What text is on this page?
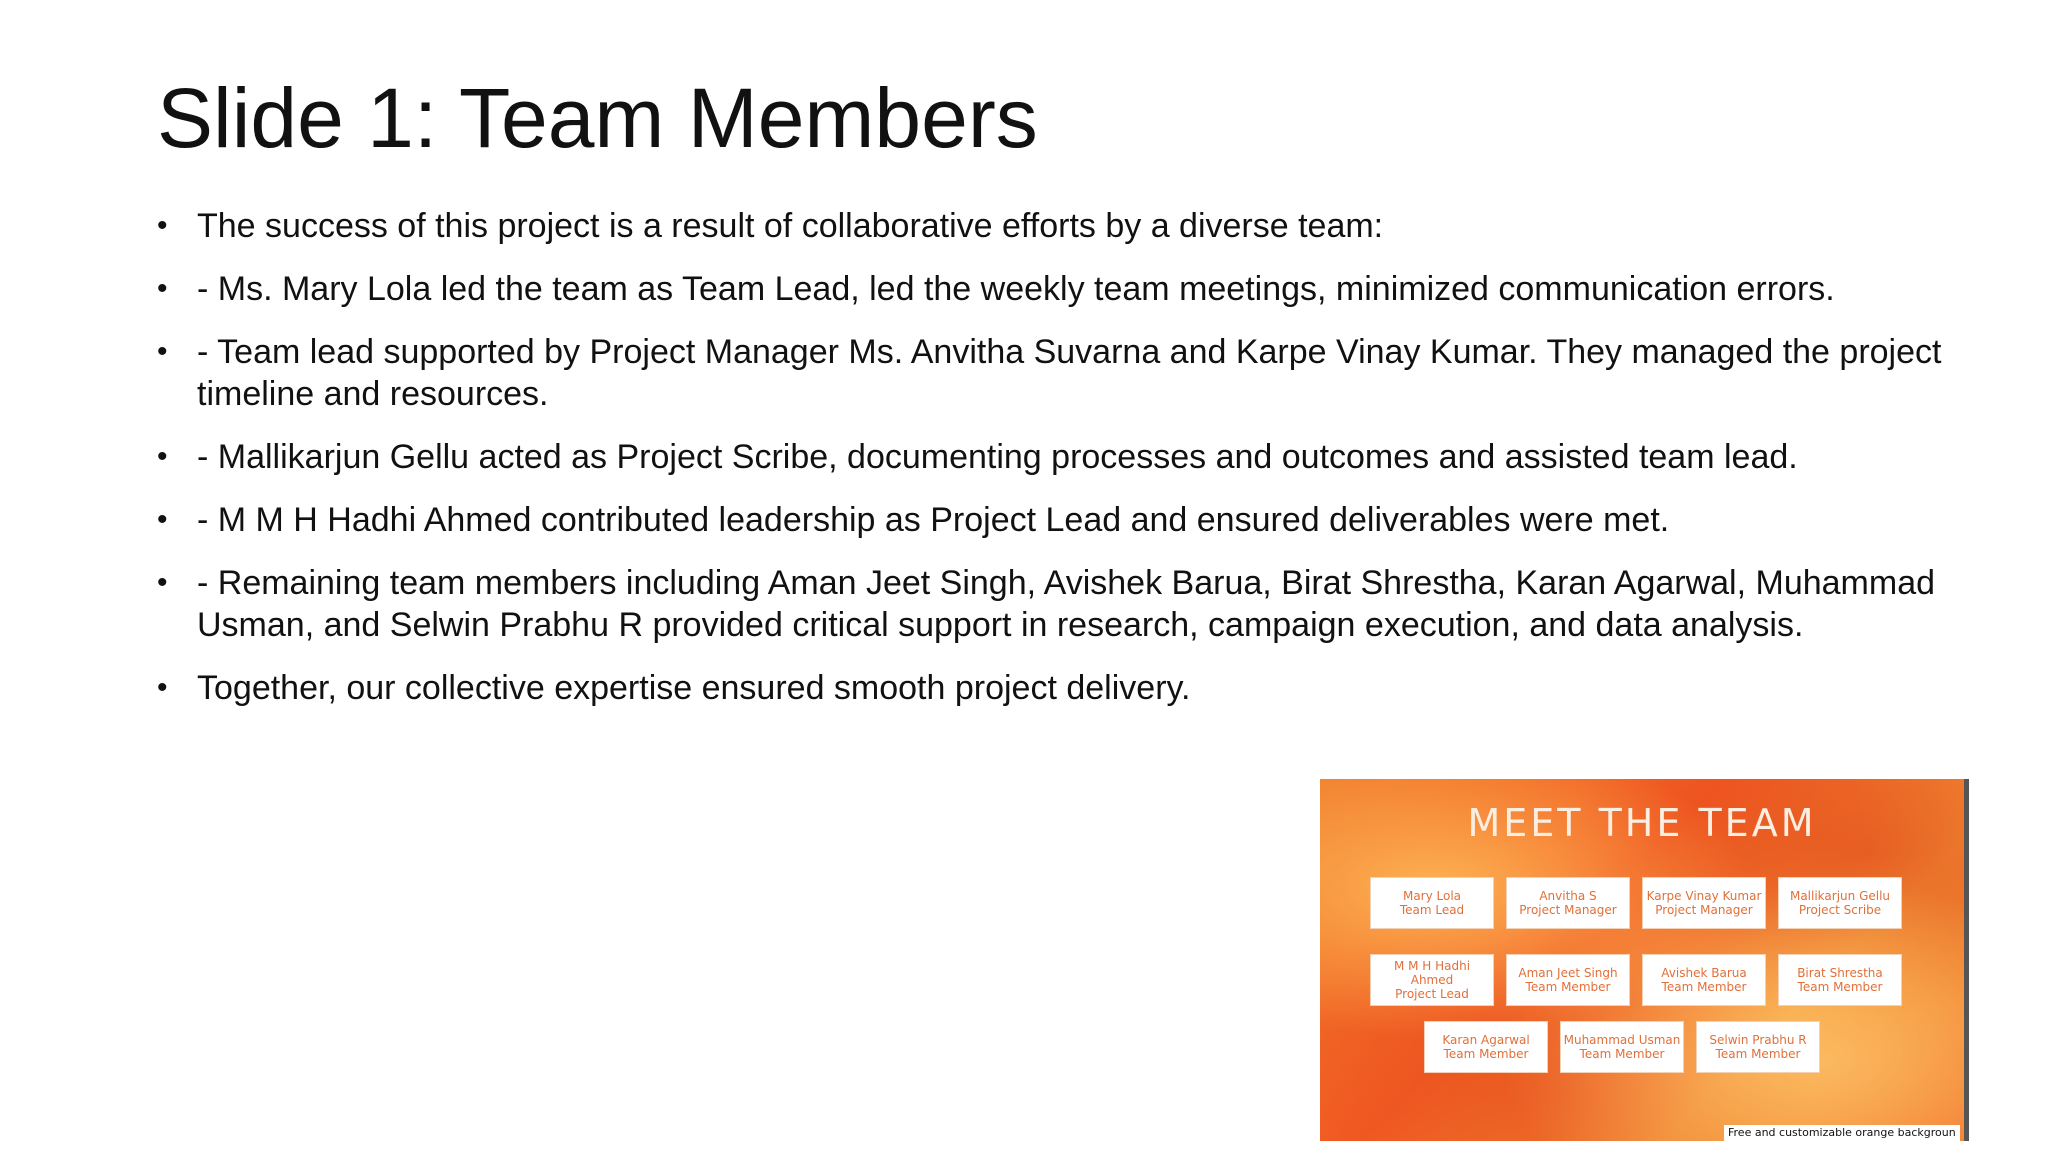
Slide 1: Team Members
• The success of this project is a result of collaborative efforts by a diverse team:
• - Ms. Mary Lola led the team as Team Lead, led the weekly team meetings, minimized communication errors.
• - Team lead supported by Project Manager Ms. Anvitha Suvarna and Karpe Vinay Kumar. They managed the project timeline and resources.
• - Mallikarjun Gellu acted as Project Scribe, documenting processes and outcomes and assisted team lead.
• - M M H Hadhi Ahmed contributed leadership as Project Lead and ensured deliverables were met.
• - Remaining team members including Aman Jeet Singh, Avishek Barua, Birat Shrestha, Karan Agarwal, Muhammad Usman, and Selwin Prabhu R provided critical support in research, campaign execution, and data analysis.
• Together, our collective expertise ensured smooth project delivery.

MEET THE TEAM

Mary Lola
Team Lead
Anvitha S
Project Manager
Karpe Vinay Kumar
Project Manager
Mallikarjun Gellu
Project Scribe
M M H Hadhi Ahmed
Project Lead
Aman Jeet Singh
Team Member
Avishek Barua
Team Member
Birat Shrestha
Team Member
Karan Agarwal
Team Member
Muhammad Usman
Team Member
Selwin Prabhu R
Team Member
Free and customizable orange backgroun
